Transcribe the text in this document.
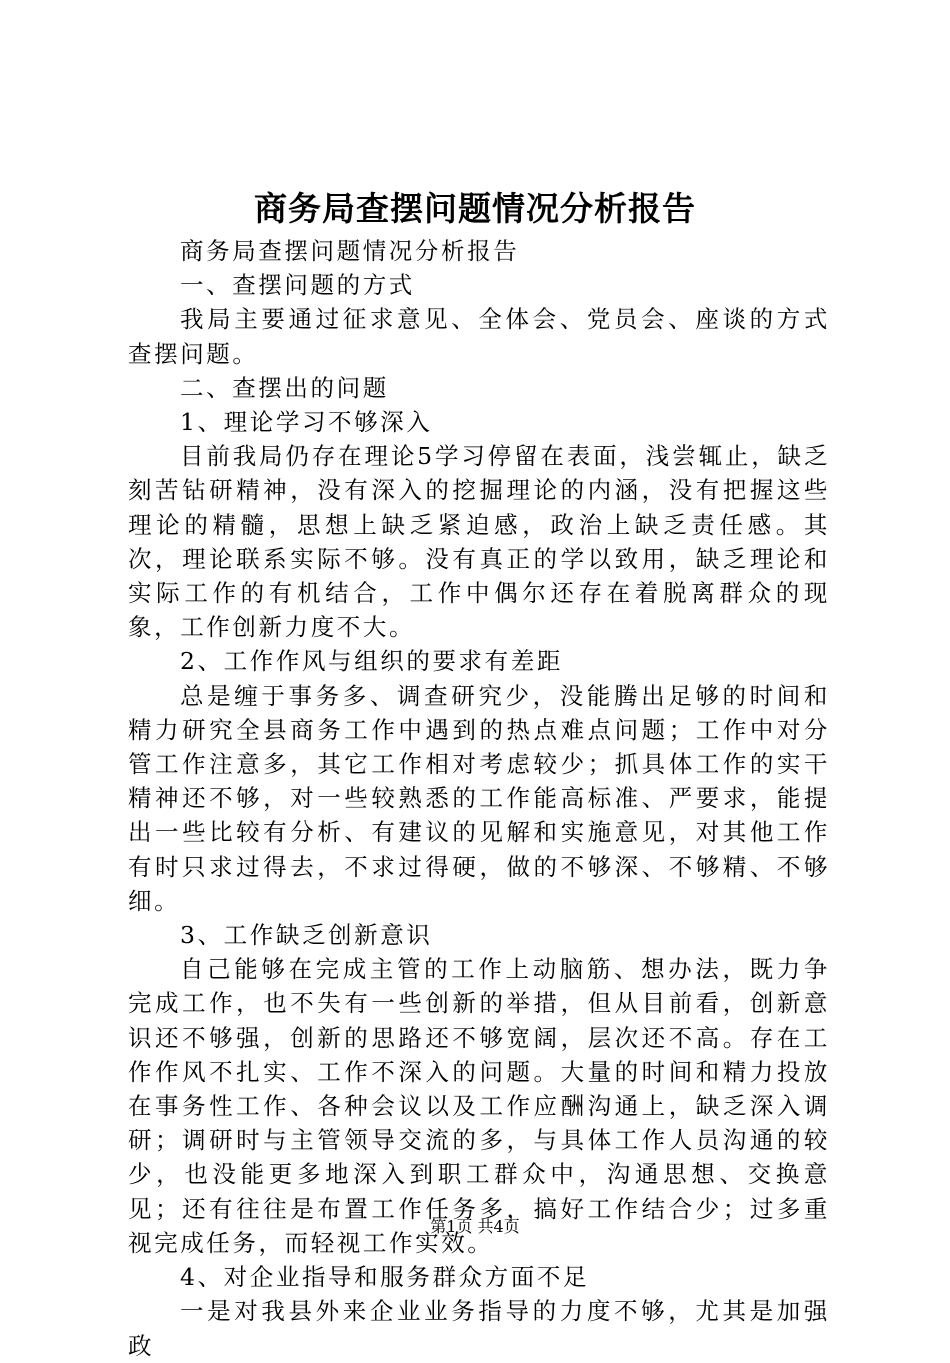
商务局查摆问题情况分析报告

商务局查摆问题情况分析报告

一、查摆问题的方式

我局主要通过征求意见、全体会、党员会、座谈的方式查摆问题。

二、查摆出的问题

1、理论学习不够深入

目前我局仍存在理论5学习停留在表面，浅尝辄止，缺乏刻苦钻研精神，没有深入的挖掘理论的内涵，没有把握这些理论的精髓，思想上缺乏紧迫感，政治上缺乏责任感。其次，理论联系实际不够。没有真正的学以致用，缺乏理论和实际工作的有机结合，工作中偶尔还存在着脱离群众的现象，工作创新力度不大。

2、工作作风与组织的要求有差距

总是缠于事务多、调查研究少，没能腾出足够的时间和精力研究全县商务工作中遇到的热点难点问题；工作中对分管工作注意多，其它工作相对考虑较少；抓具体工作的实干精神还不够，对一些较熟悉的工作能高标准、严要求，能提出一些比较有分析、有建议的见解和实施意见，对其他工作有时只求过得去，不求过得硬，做的不够深、不够精、不够细。

3、工作缺乏创新意识

自己能够在完成主管的工作上动脑筋、想办法，既力争完成工作，也不失有一些创新的举措，但从目前看，创新意识还不够强，创新的思路还不够宽阔，层次还不高。存在工作作风不扎实、工作不深入的问题。大量的时间和精力投放在事务性工作、各种会议以及工作应酬沟通上，缺乏深入调研；调研时与主管领导交流的多，与具体工作人员沟通的较少，也没能更多地深入到职工群众中，沟通思想、交换意见；还有往往是布置工作任务多，搞好工作结合少；过多重视完成任务，而轻视工作实效。

4、对企业指导和服务群众方面不足

一是对我县外来企业业务指导的力度不够，尤其是加强政

第1页 共4页
